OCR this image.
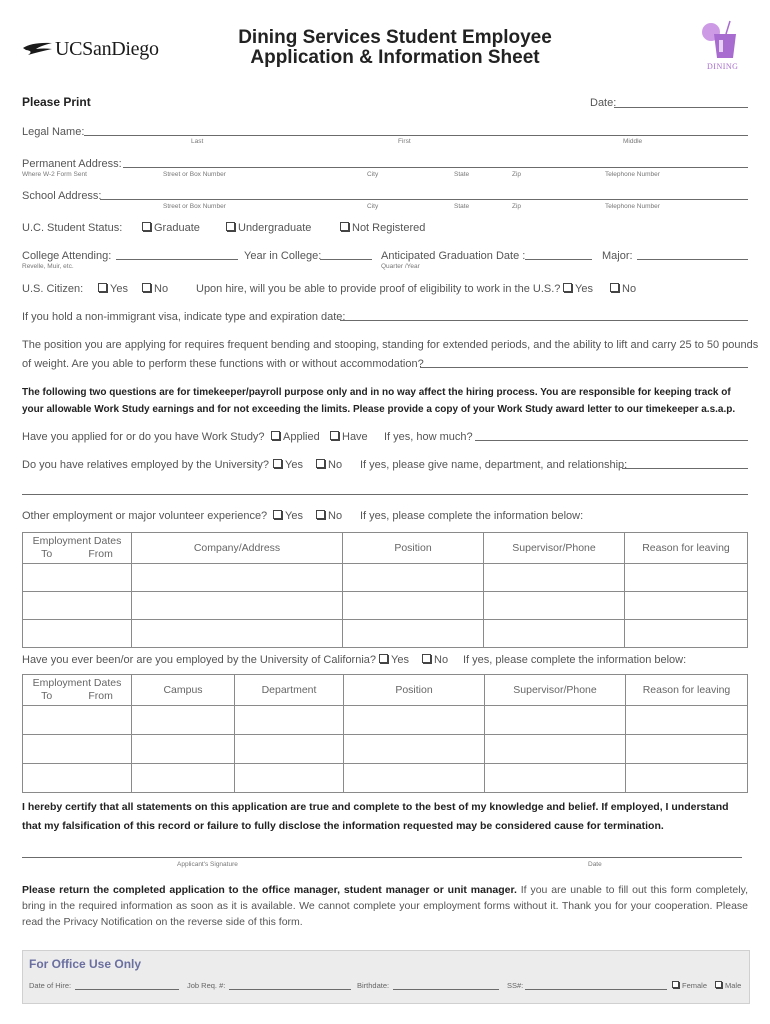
UCSanDiego
Dining Services Student Employee
Application & Information Sheet	DINING
Please Print	Date:
Legal Name:
Last	First	Middle
Permanent Address:
Where W-2 Form Sent	Street or Box Number	City	State	Zip	Telephone Number
School Address:
Street or Box Number	City	State	Zip	Telephone Number
U.C. Student Status:	Graduate	Undergraduate	Not Registered
College Attending:
Revelle, Muir, etc.
Year in College:	Anticipated Graduation Date :
Quarter /Year
Major:
U.S. Citizen:	Yes	No	Upon hire, will you be able to provide proof of eligibility to work in the U.S.?	Yes	No
If you hold a non-immigrant visa, indicate type and expiration date:
The position you are applying for requires frequent bending and stooping, standing for extended periods, and the ability to lift and carry 25 to 50 pounds
of weight. Are you able to perform these functions with or without accommodation?
The following two questions are for timekeeper/payroll purpose only and in no way affect the hiring process. You are responsible for keeping track of
your allowable Work Study earnings and for not exceeding the limits. Please provide a copy of your Work Study award letter to our timekeeper a.s.a.p.
Have you applied for or do you have Work Study?	Applied	Have If yes, how much?
Do you have relatives employed by the University?	Yes	No If yes, please give name, department, and relationship:
Other employment or major volunteer experience?	Yes	No If yes, please complete the information below:
Employment Dates
To From	Company/Address	Position	Supervisor/Phone	Reason for leaving

Have you ever been/or are you employed by the University of California?	Yes	No If yes, please complete the information below:
Employment Dates
To From	Campus	Department	Position	Supervisor/Phone	Reason for leaving

I hereby certify that all statements on this application are true and complete to the best of my knowledge and belief. If employed, I understand
that my falsification of this record or failure to fully disclose the information requested may be considered cause for termination.
Applicant's Signature	Date
Please return the completed application to the office manager, student manager or unit manager. If you are unable to fill out this form completely, bring in the required information as soon as it is available. We cannot complete your employment forms without it. Thank you for your cooperation. Please read the Privacy Notification on the reverse side of this form.
For Office Use Only
Date of Hire:	Job Req. #:	Birthdate:	SS#:	Female	Male
